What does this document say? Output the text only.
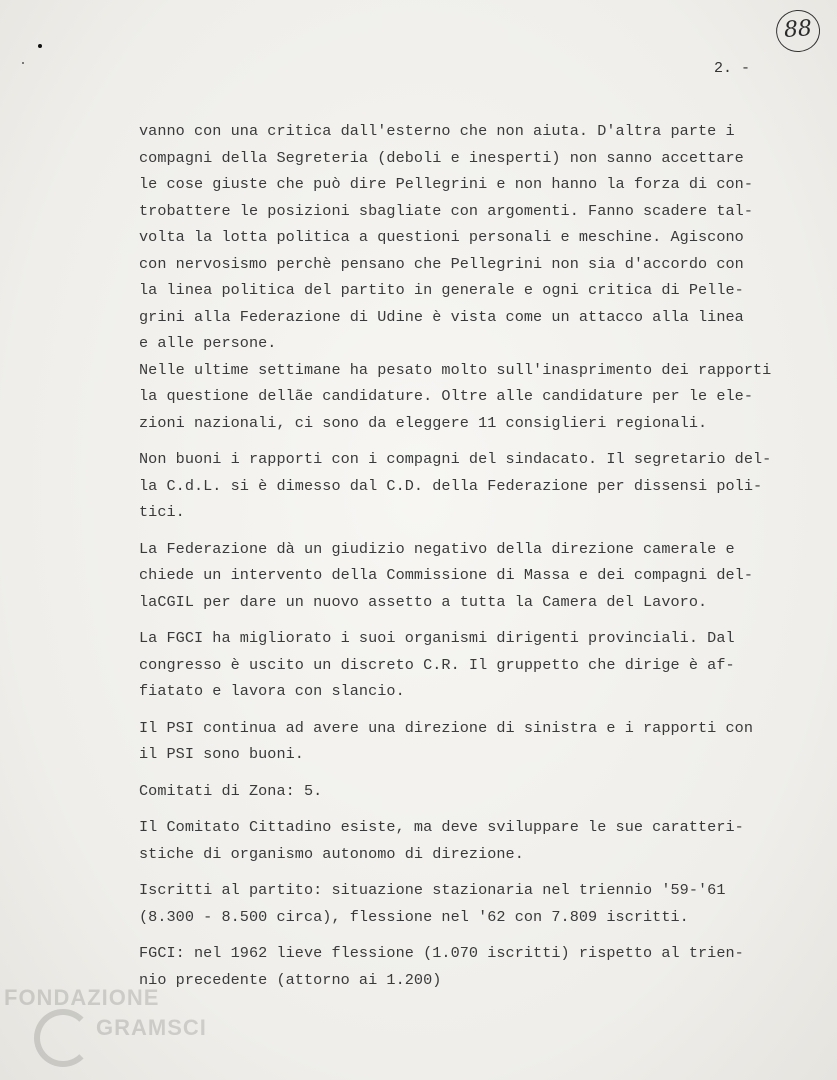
88
2. -
vanno con una critica dall'esterno che non aiuta. D'altra parte i
compagni della Segreteria (deboli e inesperti) non sanno accettare
le cose giuste che può dire Pellegrini e non hanno la forza di con-
trobattere le posizioni sbagliate con argomenti. Fanno scadere tal-
volta la lotta politica a questioni personali e meschine. Agiscono
con nervosismo perchè pensano che Pellegrini non sia d'accordo con
la linea politica del partito in generale e ogni critica di Pelle-
grini alla Federazione di Udine è vista come un attacco alla linea
e alle persone.
Nelle ultime settimane ha pesato molto sull'inasprimento dei rapporti
la questione dellãe candidature. Oltre alle candidature per le ele-
zioni nazionali, ci sono da eleggere 11 consiglieri regionali.
Non buoni i rapporti con i compagni del sindacato. Il segretario del-
la C.d.L. si è dimesso dal C.D. della Federazione per dissensi poli-
tici.
La Federazione dà un giudizio negativo della direzione camerale e
chiede un intervento della Commissione di Massa e dei compagni del-
laCGIL per dare un nuovo assetto a tutta la Camera del Lavoro.
La FGCI ha migliorato i suoi organismi dirigenti provinciali. Dal
congresso è uscito un discreto C.R. Il gruppetto che dirige è af-
fiatato e lavora con slancio.
Il PSI continua ad avere una direzione di sinistra e i rapporti con
il PSI sono buoni.
Comitati di Zona: 5.
Il Comitato Cittadino esiste, ma deve sviluppare le sue caratteri-
stiche di organismo autonomo di direzione.
Iscritti al partito: situazione stazionaria nel triennio '59-'61
(8.300 - 8.500 circa), flessione nel '62 con 7.809 iscritti.
FGCI: nel 1962 lieve flessione (1.070 iscritti) rispetto al trien-
nio precedente (attorno ai 1.200)
FONDAZIONE
GRAMSCI
